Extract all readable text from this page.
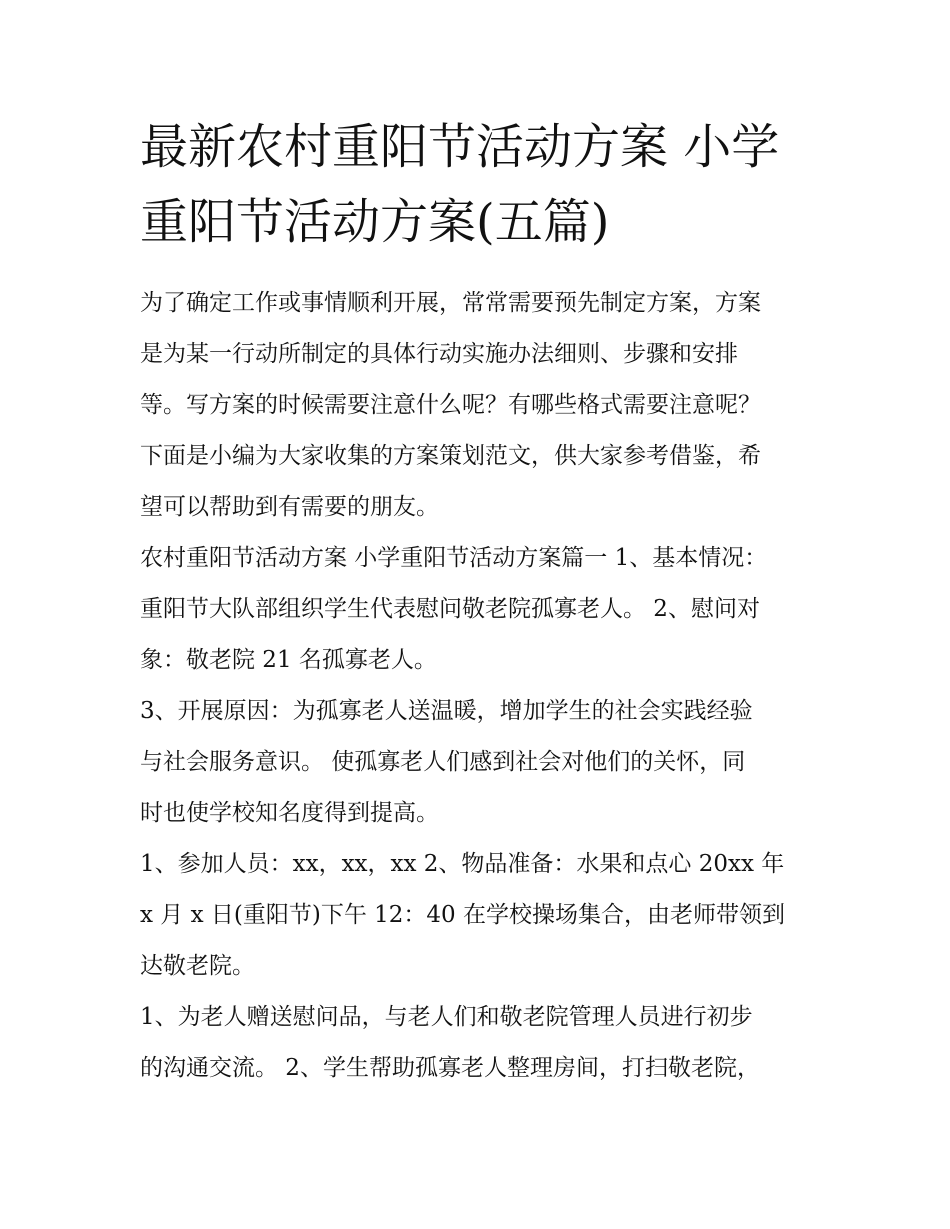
最新农村重阳节活动方案 小学
重阳节活动方案(五篇)

为了确定工作或事情顺利开展，常常需要预先制定方案，方案
是为某一行动所制定的具体行动实施办法细则、步骤和安排
等。写方案的时候需要注意什么呢？有哪些格式需要注意呢？
下面是小编为大家收集的方案策划范文，供大家参考借鉴，希
望可以帮助到有需要的朋友。

农村重阳节活动方案 小学重阳节活动方案篇一 1、基本情况：
重阳节大队部组织学生代表慰问敬老院孤寡老人。 2、慰问对
象：敬老院 21 名孤寡老人。

3、开展原因：为孤寡老人送温暖，增加学生的社会实践经验
与社会服务意识。 使孤寡老人们感到社会对他们的关怀，同
时也使学校知名度得到提高。

1、参加人员：xx，xx，xx 2、物品准备：水果和点心 20xx 年
x 月 x 日(重阳节)下午 12：40 在学校操场集合，由老师带领到
达敬老院。

1、为老人赠送慰问品，与老人们和敬老院管理人员进行初步
的沟通交流。 2、学生帮助孤寡老人整理房间，打扫敬老院，
